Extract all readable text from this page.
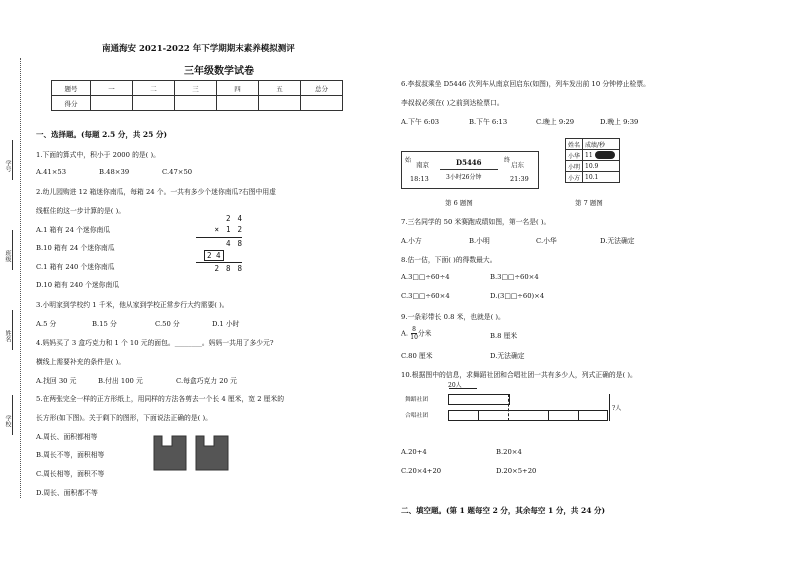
学号
班级
姓名
学校
南通海安 2021-2022 年下学期期末素养模拟测评
三年级数学试卷
题号	一	二	三	四	五	总分
得分						
一、选择题。(每题 2.5 分，共 25 分)
1.下面的算式中，积小于 2000 的是( )。
A.41×53	B.48×39	C.47×50
2.幼儿园购进 12 箱迷你南瓜，每箱 24 个。一共有多少个迷你南瓜?右图中用虚
线框住的这一步计算的是( )。
A.1 箱有 24 个迷你南瓜
B.10 箱有 24 个迷你南瓜
C.1 箱有 240 个迷你南瓜
D.10 箱有 240 个迷你南瓜
2 4
× 1 2
4 8
2 4
2 8 8
3.小明家到学校约 1 千米，他从家到学校正常步行大约需要( )。
A.5 分	B.15 分	C.50 分	D.1 小时
4.妈妈买了 3 盒巧克力和 1 个 10 元的面包。________。妈妈一共用了多少元?
横线上需要补充的条件是( )。
A.找回 30 元	B.付出 100 元	C.每盒巧克力 20 元
5.在两张完全一样的正方形纸上，用同样的方法各剪去一个长 4 厘米，宽 2 厘米的
长方形(如下图)。关于剩下的图形，下面说法正确的是( )。
A.周长、面积都相等
B.周长不等，面积相等
C.周长相等，面积不等
D.周长、面积都不等
6.李叔叔乘坐 D5446 次列车从南京回启东(如图)，列车发出前 10 分钟停止检票。
李叔叔必须在( )之前到达检票口。
A.下午 6:03	B.下午 6:13	C.晚上 9:29	D.晚上 9:39
始
南京	D5446	终
启东
18:13	3小时26分钟	21:39
姓名	成绩/秒
小华	11

小明	10.9
小方	10.1
第 6 题图	第 7 题图
7.三名同学的 50 米赛跑成绩如图，第一名是( )。
A.小方	B.小明	C.小华	D.无法确定
8.估一估，下面( )的得数最大。
A.3□□÷60÷4	B.3□□÷60×4
C.3□□÷60×4	D.(3□□÷60)×4
9.一条彩带长 0.8 米，也就是( )。
A. $\frac{8}{10}$ 分米	B.8 厘米
C.80 厘米	D.无法确定
10.根据图中的信息，求舞蹈社团和合唱社团一共有多少人，列式正确的是( )。
20人
舞蹈社团
合唱社团
?人
A.20+4	B.20×4
C.20×4+20	D.20×5+20
二、填空题。(第 1 题每空 2 分，其余每空 1 分，共 24 分)
